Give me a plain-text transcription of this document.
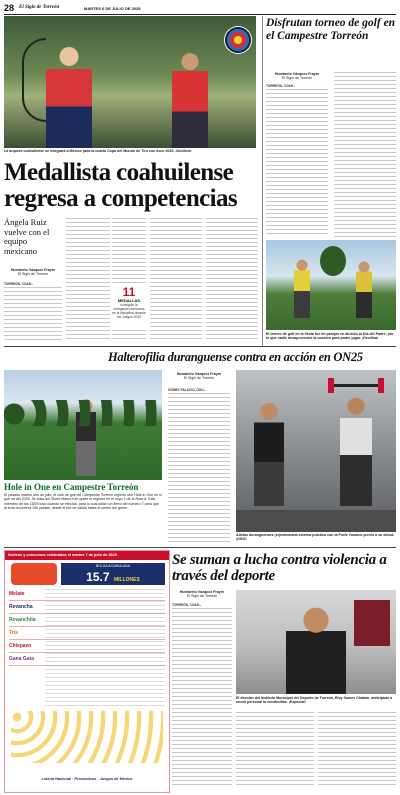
28 El Siglo de Torreón	MARTES 6 DE JULIO DE 2025
La arquera coahuilense se integrará a México para la cuarta Copa del Mundo de Tiro con Arco 2025. ¡Decilina!
Medallista coahuilense regresa a competencias
Ángela Ruiz vuelve con el equipo mexicano
Humberto Vázquez Frayre
El Siglo de Torreón
TORREÓN, COAH.-
11
MEDALLAS
consiguió la delegación mexicana en la disciplina durante los Juegos 2025
Disfrutan torneo de golf en el Campestre Torreón
Humberto Vázquez Frayre
El Siglo de Torreón
TORREÓN, COAH.-
El torneo de golf en la fiesta fue de parejas en alusión al Día del Padre, por lo que nadie desaprovechó la ocasión para poder jugar. ¡Decilina!
Halterofilia duranguense contra en acción en ON25
Hole in One en Campestre Torreón
El pasado martes uno de julio, el club de golf del Campestre Torreón registró otro Hole in One en lo que va del 2025. Se trata del Sherif Marco Kim quien lo registro en el hoyo 1 de la Ruta A. Este miembro de los 15/25 tuvo cuando se efectúa, para lo cual utilizó un fierro del número 7 para que la bola recorriera 150 yardas, desde el tee de salida hasta el centro del green.
Humberto Vázquez Frayre
El Siglo de Torreón
GÓMEZ PALACIO, DGO.-
Atletas duranguenses (sí)emiemana estrena práctica con la Profe Yunaico previo a su debut. ¡DGO!
Sorteos y concursos celebrados el martes 7 de julio de 2025
BOLSA ACUMULADA
15.7 MILLONES
Melate
Revancha
Revanchita
Tris
Chispazo
Gana Gato
Lotería Nacional · Pronósticos · Juegos de México
Se suman a lucha contra violencia a través del deporte
Humberto Vázquez Frayre
El Siglo de Torreón
TORREÓN, COAH.-
El director del Instituto Municipal del Deporte de Torreón, Eloy Samex Chabán, anticipado a reunir personal la vendimilias. ¡Especial!
